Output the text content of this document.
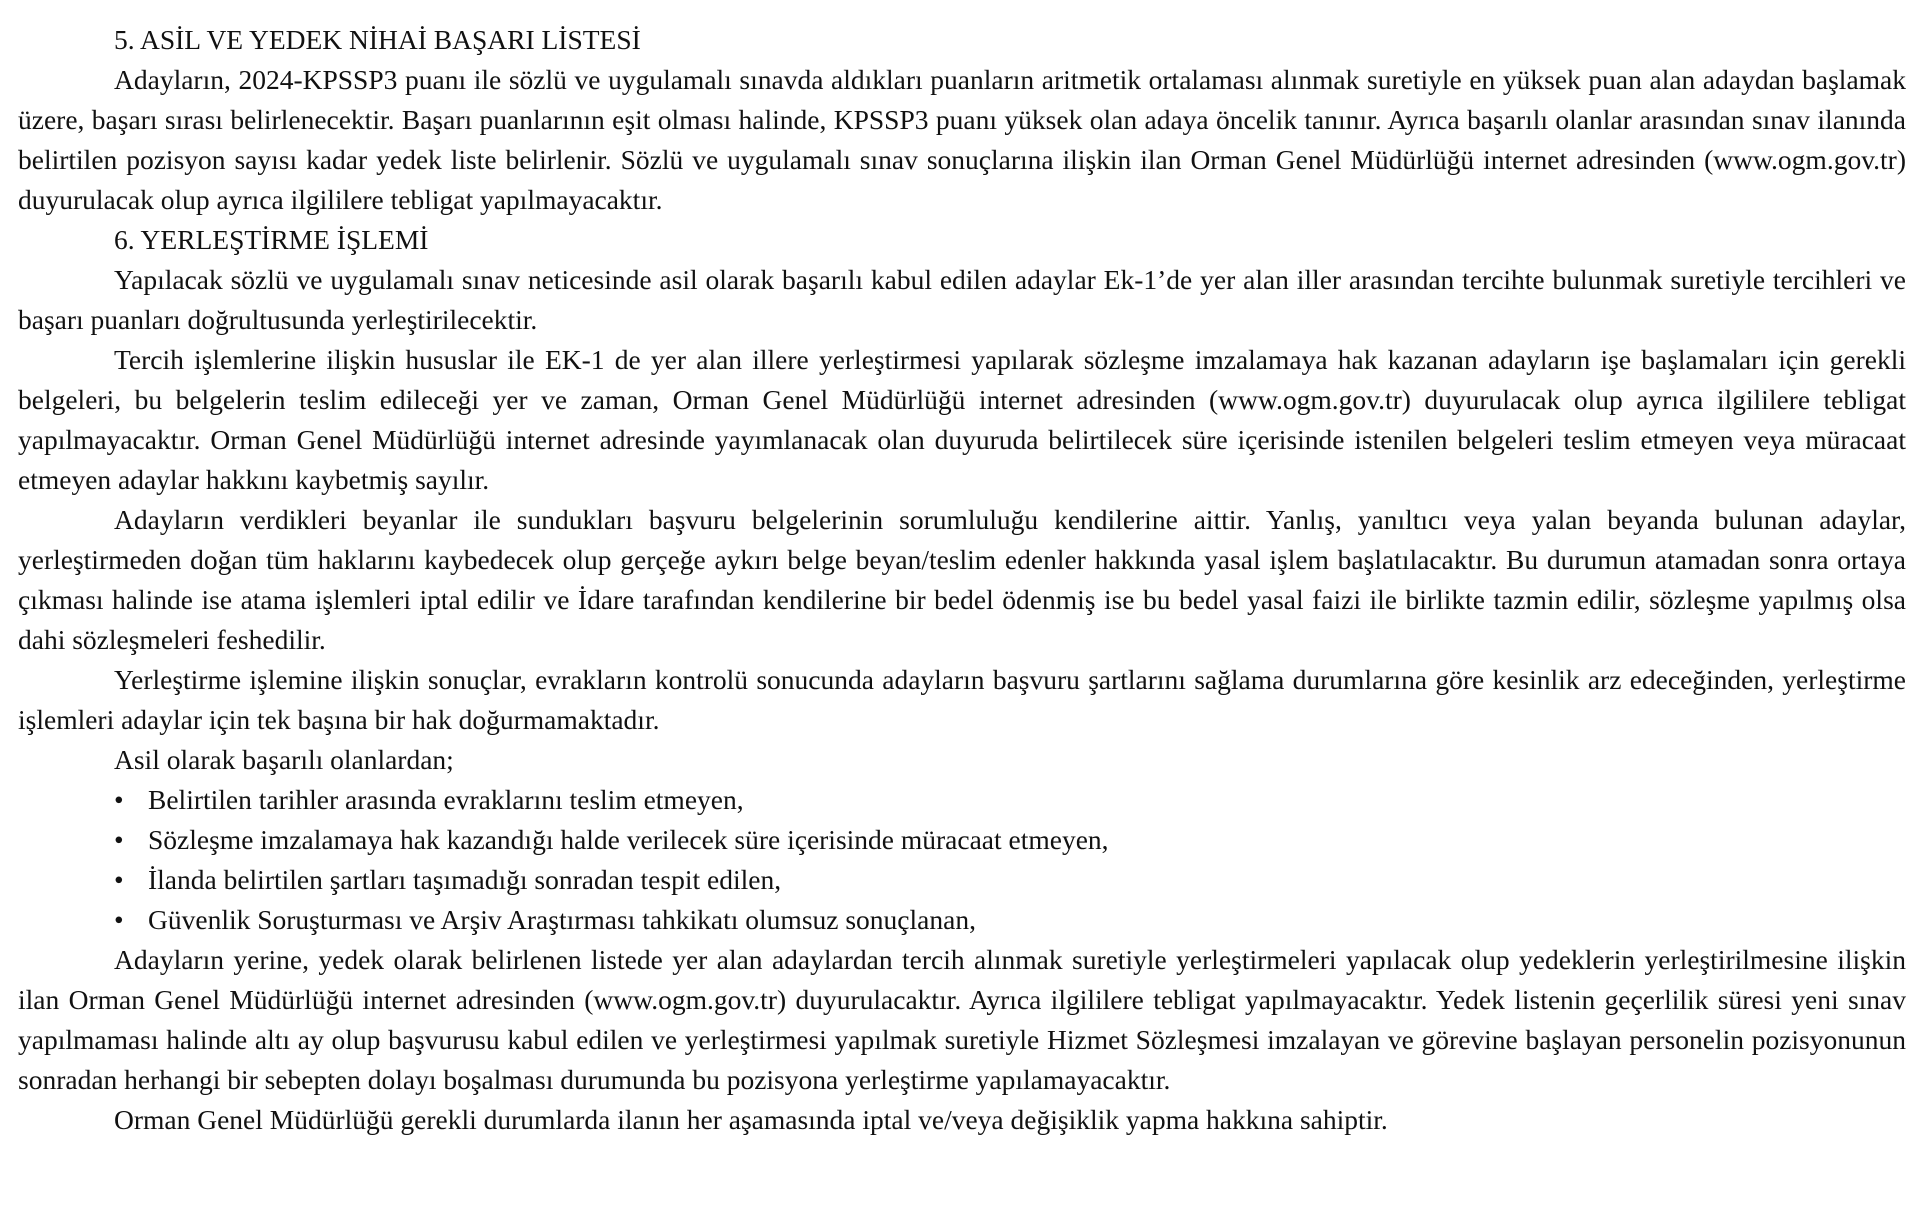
5. ASİL VE YEDEK NİHAİ BAŞARI LİSTESİ

Adayların, 2024-KPSSP3 puanı ile sözlü ve uygulamalı sınavda aldıkları puanların aritmetik ortalaması alınmak suretiyle en yüksek puan alan adaydan başlamak üzere, başarı sırası belirlenecektir. Başarı puanlarının eşit olması halinde, KPSSP3 puanı yüksek olan adaya öncelik tanınır. Ayrıca başarılı olanlar arasından sınav ilanında belirtilen pozisyon sayısı kadar yedek liste belirlenir. Sözlü ve uygulamalı sınav sonuçlarına ilişkin ilan Orman Genel Müdürlüğü internet adresinden (www.ogm.gov.tr) duyurulacak olup ayrıca ilgililere tebligat yapılmayacaktır.

6. YERLEŞTİRME İŞLEMİ

Yapılacak sözlü ve uygulamalı sınav neticesinde asil olarak başarılı kabul edilen adaylar Ek-1’de yer alan iller arasından tercihte bulunmak suretiyle tercihleri ve başarı puanları doğrultusunda yerleştirilecektir.

Tercih işlemlerine ilişkin hususlar ile EK-1 de yer alan illere yerleştirmesi yapılarak sözleşme imzalamaya hak kazanan adayların işe başlamaları için gerekli belgeleri, bu belgelerin teslim edileceği yer ve zaman, Orman Genel Müdürlüğü internet adresinden (www.ogm.gov.tr) duyurulacak olup ayrıca ilgililere tebligat yapılmayacaktır. Orman Genel Müdürlüğü internet adresinde yayımlanacak olan duyuruda belirtilecek süre içerisinde istenilen belgeleri teslim etmeyen veya müracaat etmeyen adaylar hakkını kaybetmiş sayılır.

Adayların verdikleri beyanlar ile sundukları başvuru belgelerinin sorumluluğu kendilerine aittir. Yanlış, yanıltıcı veya yalan beyanda bulunan adaylar, yerleştirmeden doğan tüm haklarını kaybedecek olup gerçeğe aykırı belge beyan/teslim edenler hakkında yasal işlem başlatılacaktır. Bu durumun atamadan sonra ortaya çıkması halinde ise atama işlemleri iptal edilir ve İdare tarafından kendilerine bir bedel ödenmiş ise bu bedel yasal faizi ile birlikte tazmin edilir, sözleşme yapılmış olsa dahi sözleşmeleri feshedilir.

Yerleştirme işlemine ilişkin sonuçlar, evrakların kontrolü sonucunda adayların başvuru şartlarını sağlama durumlarına göre kesinlik arz edeceğinden, yerleştirme işlemleri adaylar için tek başına bir hak doğurmamaktadır.

Asil olarak başarılı olanlardan;

• Belirtilen tarihler arasında evraklarını teslim etmeyen,
• Sözleşme imzalamaya hak kazandığı halde verilecek süre içerisinde müracaat etmeyen,
• İlanda belirtilen şartları taşımadığı sonradan tespit edilen,
• Güvenlik Soruşturması ve Arşiv Araştırması tahkikatı olumsuz sonuçlanan,

Adayların yerine, yedek olarak belirlenen listede yer alan adaylardan tercih alınmak suretiyle yerleştirmeleri yapılacak olup yedeklerin yerleştirilmesine ilişkin ilan Orman Genel Müdürlüğü internet adresinden (www.ogm.gov.tr) duyurulacaktır. Ayrıca ilgililere tebligat yapılmayacaktır. Yedek listenin geçerlilik süresi yeni sınav yapılmaması halinde altı ay olup başvurusu kabul edilen ve yerleştirmesi yapılmak suretiyle Hizmet Sözleşmesi imzalayan ve görevine başlayan personelin pozisyonunun sonradan herhangi bir sebepten dolayı boşalması durumunda bu pozisyona yerleştirme yapılamayacaktır.

Orman Genel Müdürlüğü gerekli durumlarda ilanın her aşamasında iptal ve/veya değişiklik yapma hakkına sahiptir.
